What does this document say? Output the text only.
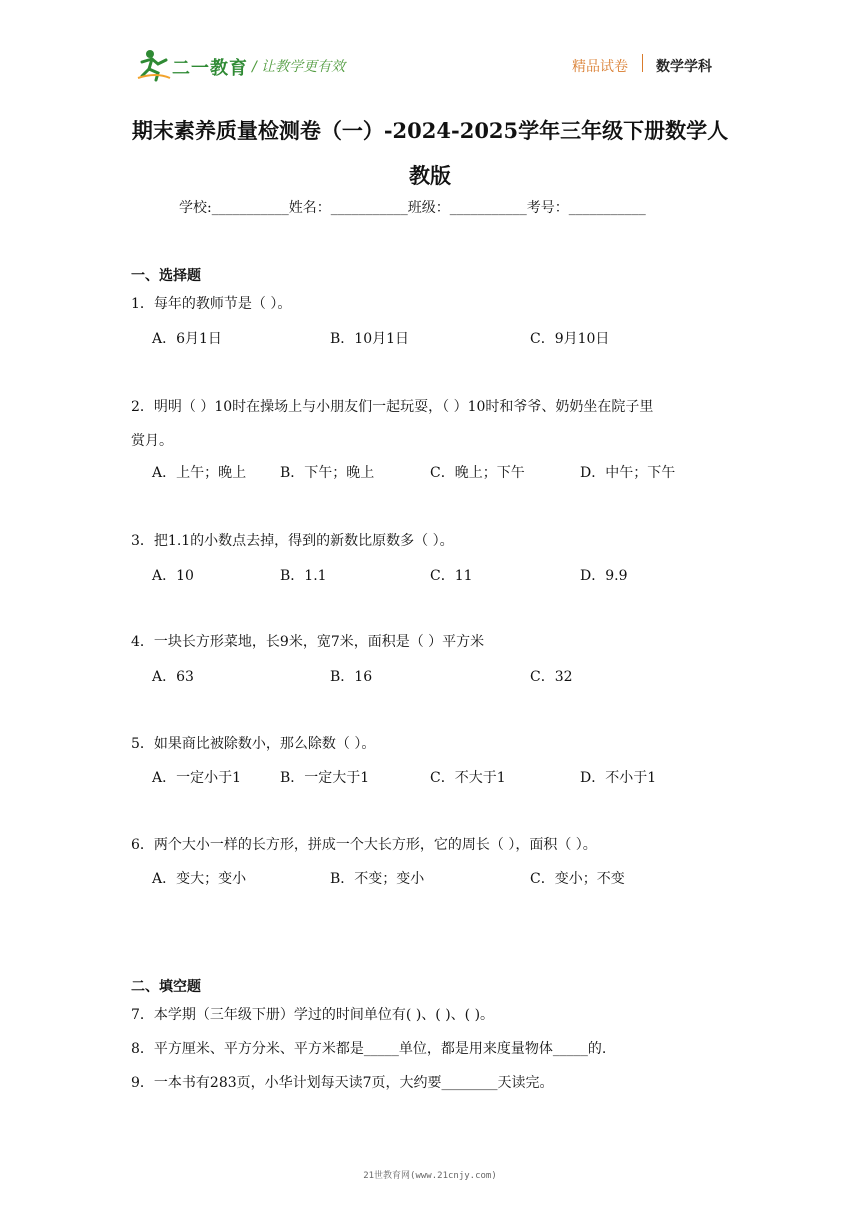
二一教育 / 让教学更有效	精品试卷 数学学科
期末素养质量检测卷（一）-2024-2025学年三年级下册数学人
教版
学校:___________姓名：___________班级：___________考号：___________
一、选择题
1．每年的教师节是（ ）。
A．6月1日	B．10月1日	C．9月10日
2．明明（ ）10时在操场上与小朋友们一起玩耍，（ ）10时和爷爷、奶奶坐在院子里
赏月。
A．上午；晚上 B．下午；晚上	C．晚上；下午	D．中午；下午
3．把1.1的小数点去掉，得到的新数比原数多（ ）。
A．10	B．1.1	C．11	D．9.9
4．一块长方形菜地，长9米，宽7米，面积是（ ）平方米
A．63	B．16	C．32
5．如果商比被除数小，那么除数（ ）。
A．一定小于1	B．一定大于1	C．不大于1	D．不小于1
6．两个大小一样的长方形，拼成一个大长方形，它的周长（ ），面积（ ）。
A．变大；变小	B．不变；变小	C．变小；不变
二、填空题
7．本学期（三年级下册）学过的时间单位有( )、( )、( )。
8．平方厘米、平方分米、平方米都是_____单位，都是用来度量物体_____的.
9．一本书有283页，小华计划每天读7页，大约要________天读完。
21世教育网(www.21cnjy.com)
